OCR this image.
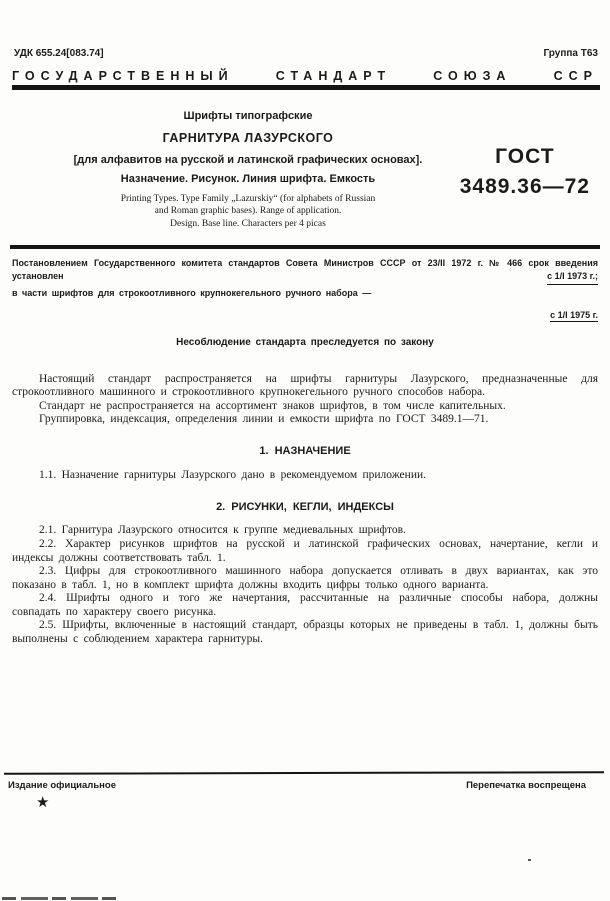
УДК 655.24[083.74]	Группа Т63
ГОСУДАРСТВЕННЫЙ СТАНДАРТ СОЮЗА ССР
Шрифты типографские
ГАРНИТУРА ЛАЗУРСКОГО
[для алфавитов на русской и латинской графических основах].
Назначение. Рисунок. Линия шрифта. Емкость
Printing Types. Type Family „Lazurskiy“ (for alphabets of Russian
and Roman graphic bases). Range of application.
Design. Base line. Characters per 4 picas
ГОСТ
3489.36—72
Постановлением Государственного комитета стандартов Совета Министров СССР от 23/II 1972 г. № 466 срок введения
установлен	с 1/I 1973 г.;
в части шрифтов для строкоотливного крупнокегельного ручного набора —
с 1/I 1975 г.
Несоблюдение стандарта преследуется по закону

Настоящий стандарт распространяется на шрифты гарнитуры Лазурского, предназначенные для строкоотливного машинного и строкоотливного крупнокегельного ручного способов набора.

Стандарт не распространяется на ассортимент знаков шрифтов, в том числе капительных.

Группировка, индексация, определения линии и емкости шрифта по ГОСТ 3489.1—71.

1. НАЗНАЧЕНИЕ

1.1. Назначение гарнитуры Лазурского дано в рекомендуемом приложении.

2. РИСУНКИ, КЕГЛИ, ИНДЕКСЫ

2.1. Гарнитура Лазурского относится к группе медиевальных шрифтов.

2.2. Характер рисунков шрифтов на русской и латинской графических основах, начертание, кегли и индексы должны соответствовать табл. 1.

2.3. Цифры для строкоотливного машинного набора допускается отливать в двух вариантах, как это показано в табл. 1, но в комплект шрифта должны входить цифры только одного варианта.

2.4. Шрифты одного и того же начертания, рассчитанные на различные способы набора, должны совпадать по характеру своего рисунка.

2.5. Шрифты, включенные в настоящий стандарт, образцы которых не приведены в табл. 1, должны быть выполнены с соблюдением характера гарнитуры.

Издание официальное
★
Перепечатка воспрещена
